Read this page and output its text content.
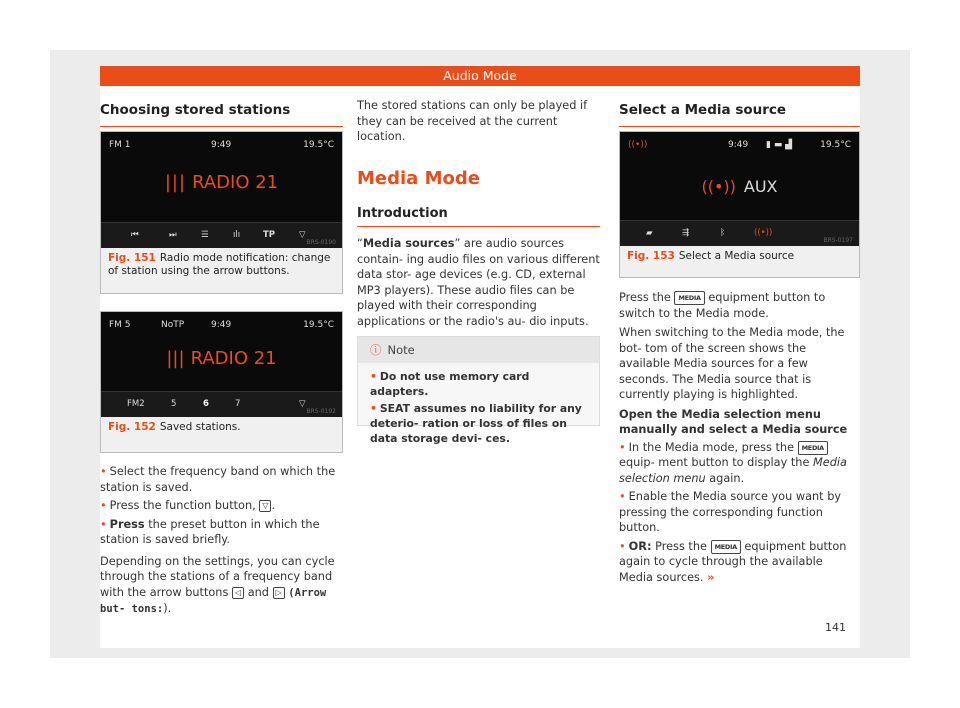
Audio Mode
Choosing stored stations
FM 1	9:49	19.5°C
||| RADIO 21
⏮	⏭	☰	ılı	TP	▽
BRS-0190
Fig. 151 Radio mode notification: change of station using the arrow buttons.
FM 5	NoTP	9:49	19.5°C
||| RADIO 21
FM2	5	6	7	▽
BRS-0192
Fig. 152 Saved stations.

• Select the frequency band on which the station is saved.

• Press the function button, ▽ .

• Press the preset button in which the station is saved briefly.

Depending on the settings, you can cycle through the stations of a frequency band with the arrow buttons ◁ and ▷ (Arrow but- tons:).

The stored stations can only be played if they can be received at the current location.
Media Mode
Introduction
“Media sources” are audio sources contain- ing audio files on various different data stor- age devices (e.g. CD, external MP3 players). These audio files can be played with their corresponding applications or the radio's au- dio inputs.
ⓘ Note

• Do not use memory card adapters.

• SEAT assumes no liability for any deterio- ration or loss of files on data storage devi- ces.

Select a Media source
((•))	9:49 ▮ ▬ ▟	19.5°C
((•)) AUX
▰	⇶	ᛒ	((•))
BRS-0197
Fig. 153 Select a Media source

Press the MEDIA equipment button to switch to the Media mode.

When switching to the Media mode, the bot- tom of the screen shows the available Media sources for a few seconds. The Media source that is currently playing is highlighted.

Open the Media selection menu manually and select a Media source

• In the Media mode, press the MEDIA equip- ment button to display the Media selection menu again.

• Enable the Media source you want by pressing the corresponding function button.

• OR: Press the MEDIA equipment button again to cycle through the available Media sources. »

141
